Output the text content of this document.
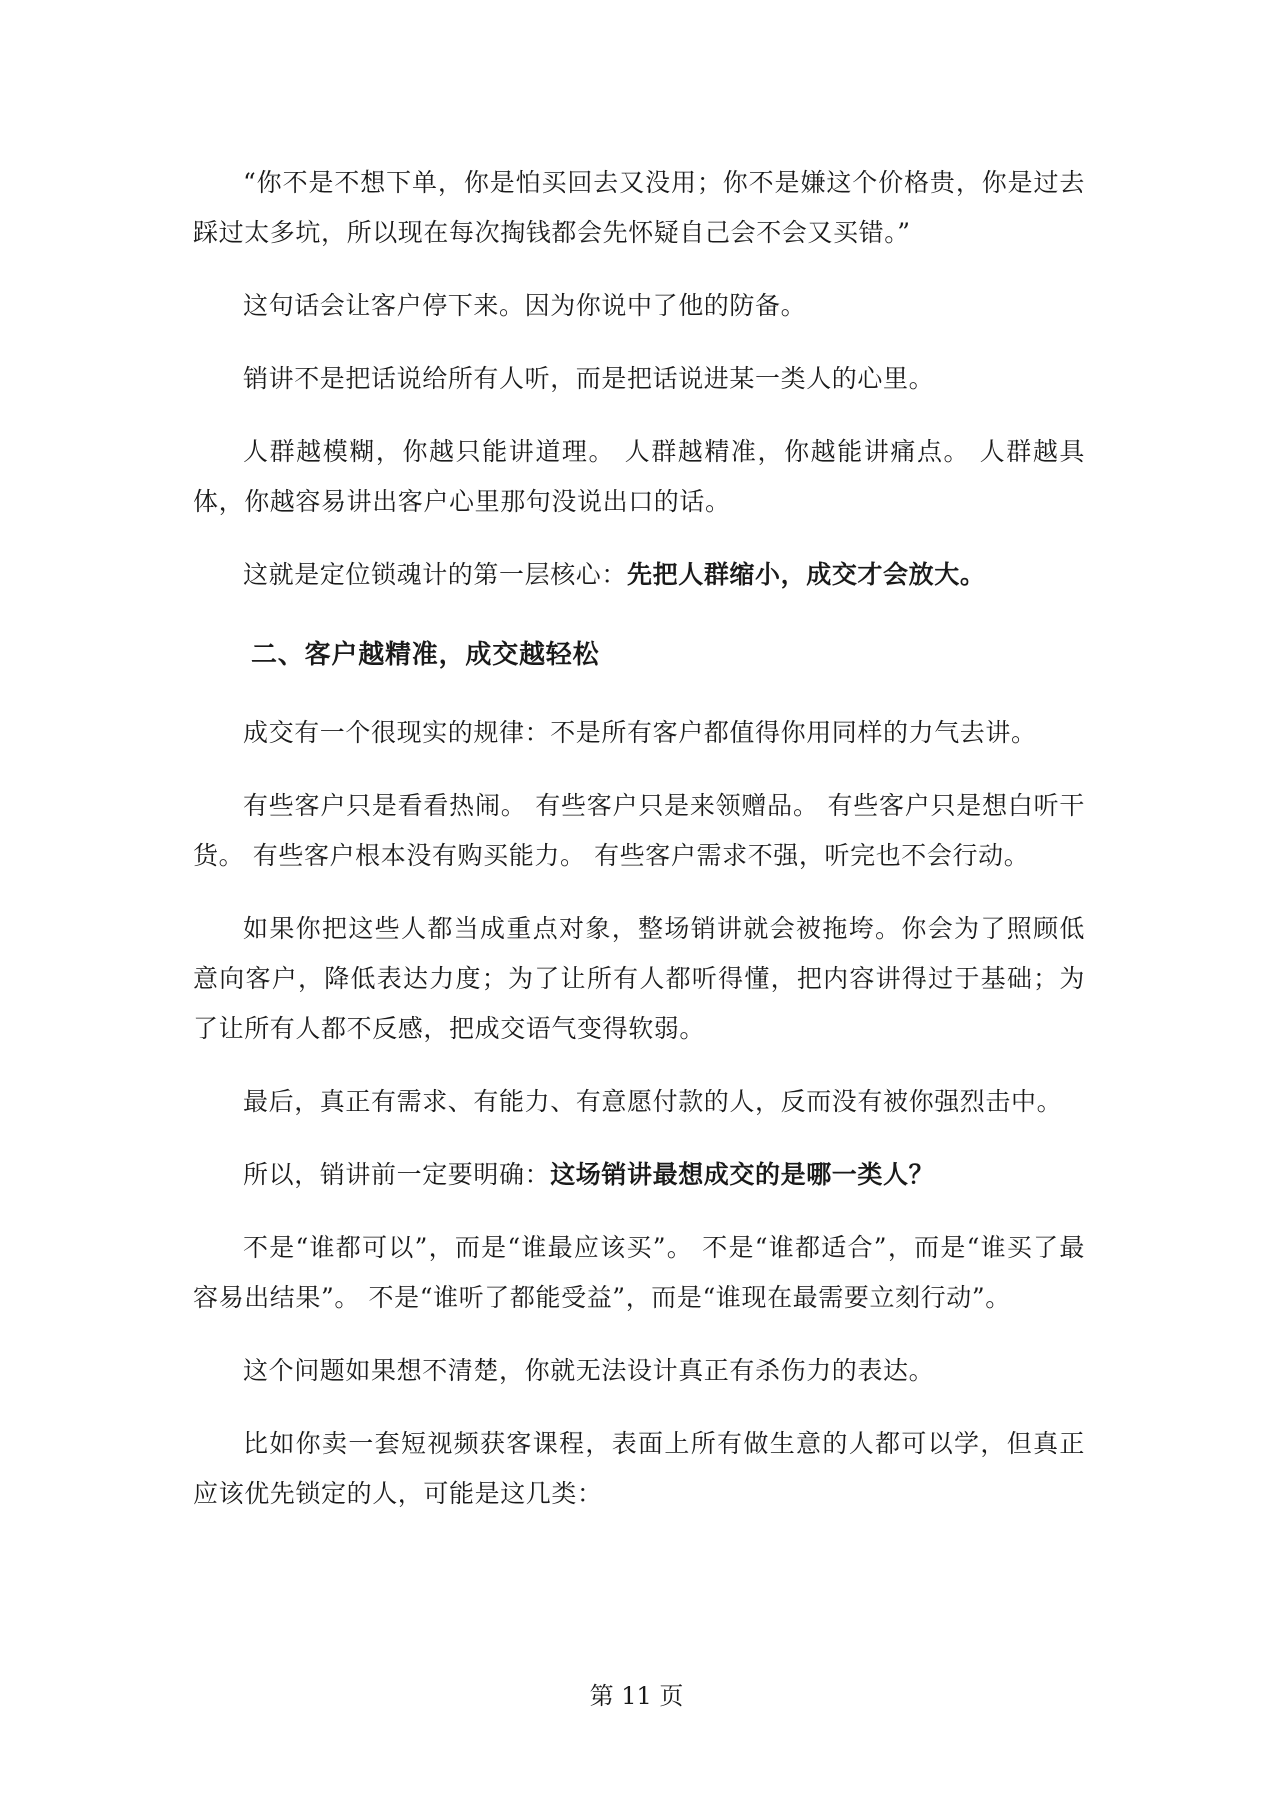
“你不是不想下单，你是怕买回去又没用；你不是嫌这个价格贵，你是过去踩过太多坑，所以现在每次掏钱都会先怀疑自己会不会又买错。”

这句话会让客户停下来。因为你说中了他的防备。

销讲不是把话说给所有人听，而是把话说进某一类人的心里。

人群越模糊，你越只能讲道理。 人群越精准，你越能讲痛点。 人群越具体，你越容易讲出客户心里那句没说出口的话。

这就是定位锁魂计的第一层核心：先把人群缩小，成交才会放大。

二、客户越精准，成交越轻松

成交有一个很现实的规律：不是所有客户都值得你用同样的力气去讲。

有些客户只是看看热闹。 有些客户只是来领赠品。 有些客户只是想白听干货。 有些客户根本没有购买能力。 有些客户需求不强，听完也不会行动。

如果你把这些人都当成重点对象，整场销讲就会被拖垮。你会为了照顾低意向客户，降低表达力度；为了让所有人都听得懂，把内容讲得过于基础；为了让所有人都不反感，把成交语气变得软弱。

最后，真正有需求、有能力、有意愿付款的人，反而没有被你强烈击中。

所以，销讲前一定要明确：这场销讲最想成交的是哪一类人？

不是“谁都可以”，而是“谁最应该买”。 不是“谁都适合”，而是“谁买了最容易出结果”。 不是“谁听了都能受益”，而是“谁现在最需要立刻行动”。

这个问题如果想不清楚，你就无法设计真正有杀伤力的表达。

比如你卖一套短视频获客课程，表面上所有做生意的人都可以学，但真正应该优先锁定的人，可能是这几类：

第 11 页
